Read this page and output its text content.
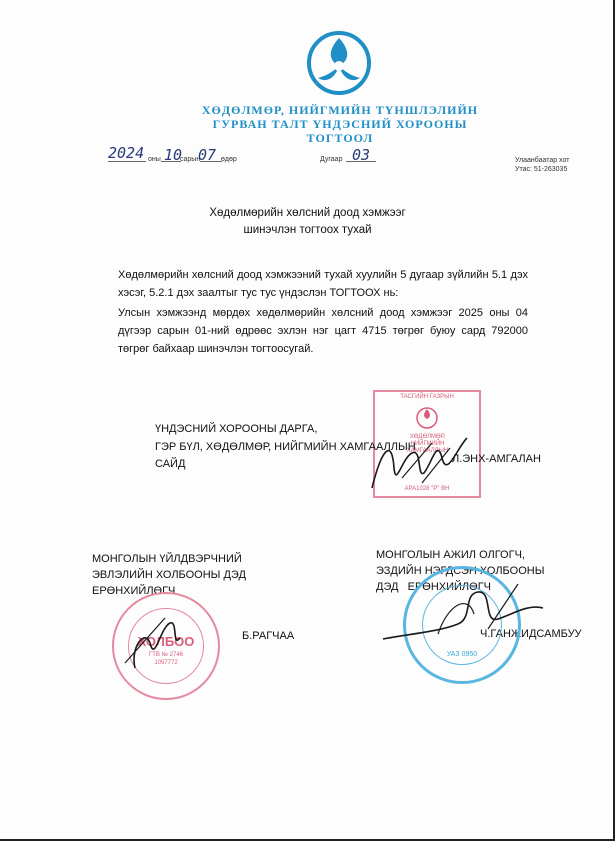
ХӨДӨЛМӨР, НИЙГМИЙН ТҮНШЛЭЛИЙН
ГУРВАН ТАЛТ ҮНДЭСНИЙ ХОРООНЫ
ТОГТООЛ
2024 оны 10
сарын
07 өдөр	Дугаар 03	Улаанбаатар хот
Утас: 51-263035
Хөдөлмөрийн хөлсний доод хэмжээг
шинэчлэн тогтоох тухай
Хөдөлмөрийн хөлсний доод хэмжээний тухай хуулийн 5 дугаар зүйлийн 5.1 дэх хэсэг, 5.2.1 дэх заалтыг тус тус үндэслэн ТОГТООХ нь:
Улсын хэмжээнд мөрдөх хөдөлмөрийн хөлсний доод хэмжээг 2025 оны 04 дүгээр сарын 01-ний өдрөөс эхлэн нэг цагт 4715 төгрөг буюу сард 792000 төгрөг байхаар шинэчлэн тогтоосугай.
ТАСГИЙН ГАЗРЫН
ХӨДӨЛМӨР,
НИЙГМИЙН
ХАМГААЛЛЫН
АРА1028 "P" ВН
ҮНДЭСНИЙ ХОРООНЫ ДАРГА,
ГЭР БҮЛ, ХӨДӨЛМӨР, НИЙГМИЙН ХАМГААЛЛЫН
САЙД	Л.ЭНХ-АМГАЛАН
МОНГОЛЫН ҮЙЛДВЭРЧНИЙ
ЭВЛЭЛИЙН ХОЛБООНЫ ДЭД
ЕРӨНХИЙЛӨГЧ
Б.РАГЧАА
ХОЛБОО
ГТВ № 2746
1057772
МОНГОЛЫН АЖИЛ ОЛГОГЧ,
ЭЗДИЙН НЭГДСЭН ХОЛБООНЫ
ДЭД   ЕРӨНХИЙЛӨГЧ
Ч.ГАНЖИДСАМБУУ
УАЗ 0950
